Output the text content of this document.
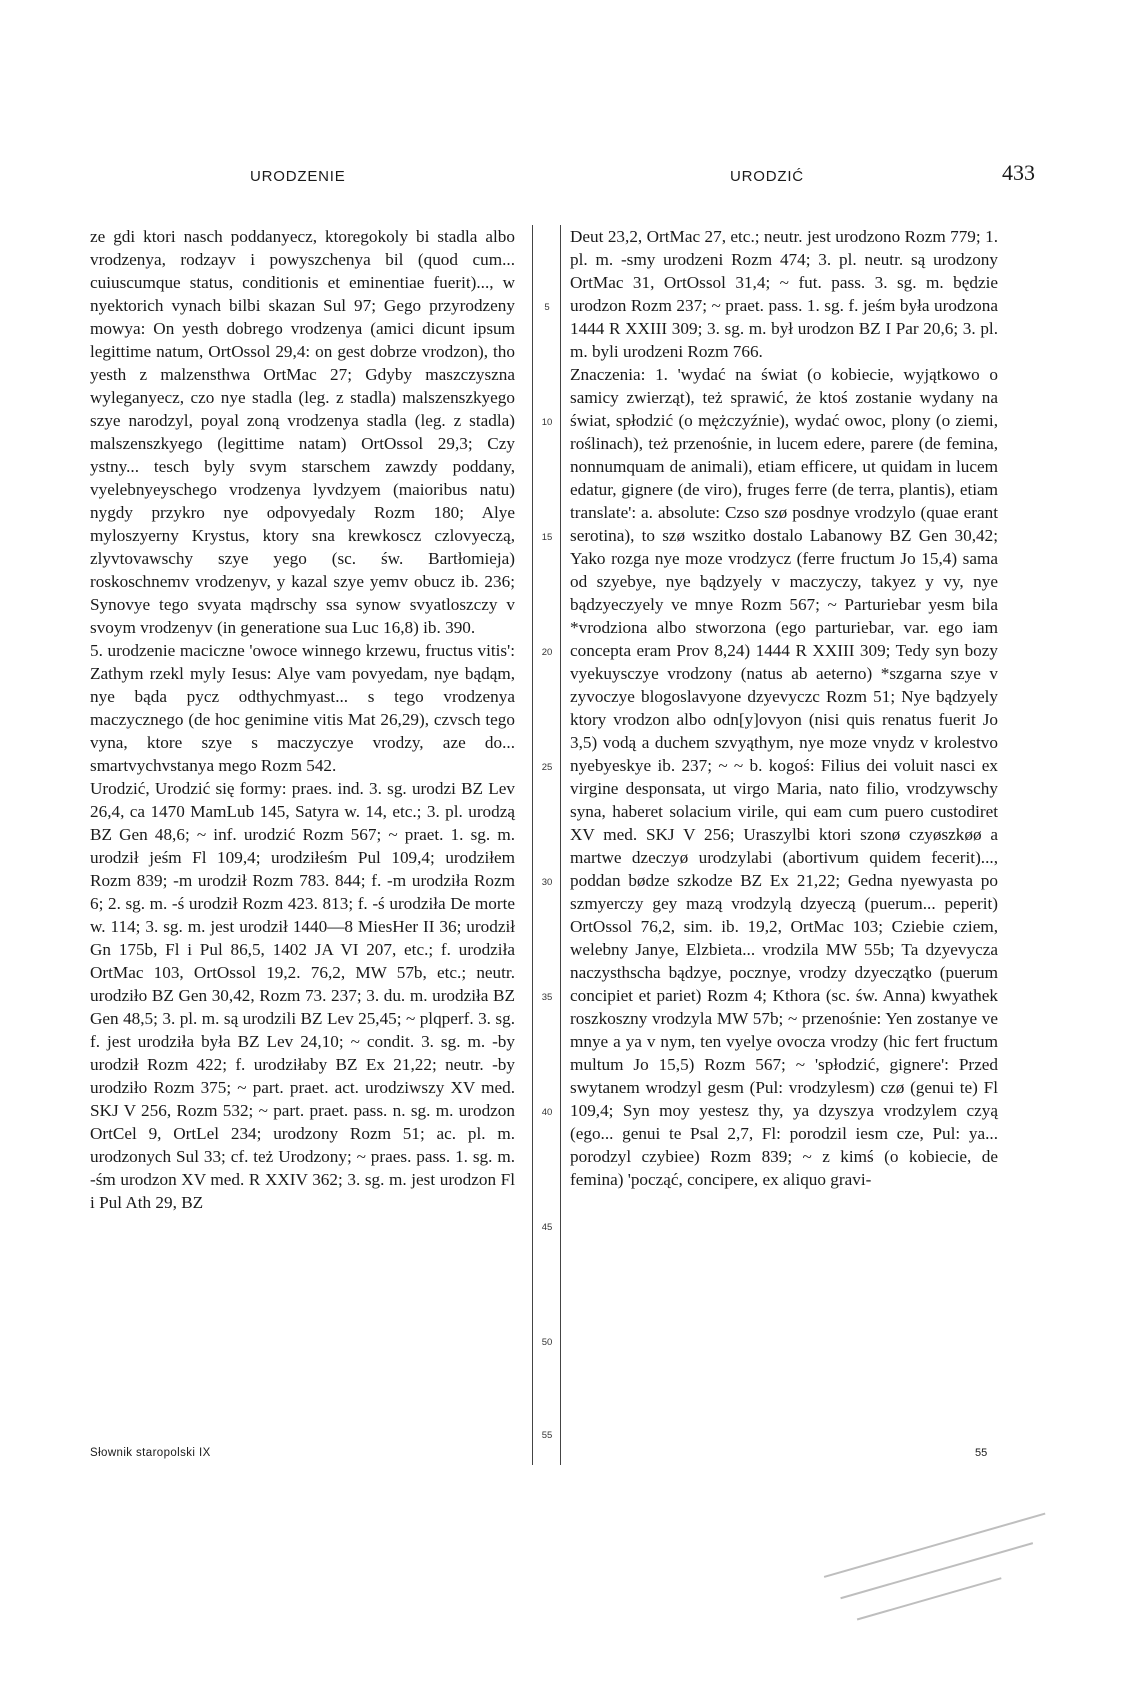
URODZENIE	URODZIĆ	433

ze gdi ktori nasch poddanyecz, ktoregokoly bi stadla albo vrodzenya, rodzayv i powyszchenya bil (quod cum... cuiuscumque status, conditionis et eminentiae fuerit)..., w nyektorich vynach bilbi skazan Sul 97; Gego przyrodzeny mowya: On yesth dobrego vrodzenya (amici dicunt ipsum legittime natum, OrtOssol 29,4: on gest dobrze vrodzon), tho yesth z malzensthwa OrtMac 27; Gdyby maszczyszna wyleganyecz, czo nye stadla (leg. z stadla) malszenszkyego szye narodzyl, poyal zoną vrodzenya stadla (leg. z stadla) malszenszkyego (legittime natam) OrtOssol 29,3; Czy ystny... tesch byly svym starschem zawzdy poddany, vyelebnyeyschego vrodzenya lyvdzyem (maioribus natu) nygdy przykro nye odpovyedaly Rozm 180; Alye myloszyerny Krystus, ktory sna krewkoscz czlovyeczą, zlyvtovawschy szye yego (sc. św. Bartłomieja) roskoschnemv vrodzenyv, y kazal szye yemv obucz ib. 236; Synovye tego svyata mądrschy ssa synow svyatloszczy v svoym vrodzenyv (in generatione sua Luc 16,8) ib. 390.

5. urodzenie maciczne 'owoce winnego krzewu, fructus vitis': Zathym rzekl myly Iesus: Alye vam povyedam, nye bądąm, nye bąda pycz odthychmyast... s tego vrodzenya maczycznego (de hoc genimine vitis Mat 26,29), czvsch tego vyna, ktore szye s maczyczye vrodzy, aze do... smartvychvstanya mego Rozm 542.

Urodzić, Urodzić się formy: praes. ind. 3. sg. urodzi BZ Lev 26,4, ca 1470 MamLub 145, Satyra w. 14, etc.; 3. pl. urodzą BZ Gen 48,6; ~ inf. urodzić Rozm 567; ~ praet. 1. sg. m. urodził jeśm Fl 109,4; urodziłeśm Pul 109,4; urodziłem Rozm 839; -m urodził Rozm 783. 844; f. -m urodziła Rozm 6; 2. sg. m. -ś urodził Rozm 423. 813; f. -ś urodziła De morte w. 114; 3. sg. m. jest urodził 1440—8 MiesHer II 36; urodził Gn 175b, Fl i Pul 86,5, 1402 JA VI 207, etc.; f. urodziła OrtMac 103, OrtOssol 19,2. 76,2, MW 57b, etc.; neutr. urodziło BZ Gen 30,42, Rozm 73. 237; 3. du. m. urodziła BZ Gen 48,5; 3. pl. m. są urodzili BZ Lev 25,45; ~ plqperf. 3. sg. f. jest urodziła była BZ Lev 24,10; ~ condit. 3. sg. m. -by urodził Rozm 422; f. urodziłaby BZ Ex 21,22; neutr. -by urodziło Rozm 375; ~ part. praet. act. urodziwszy XV med. SKJ V 256, Rozm 532; ~ part. praet. pass. n. sg. m. urodzon OrtCel 9, OrtLel 234; urodzony Rozm 51; ac. pl. m. urodzonych Sul 33; cf. też Urodzony; ~ praes. pass. 1. sg. m. -śm urodzon XV med. R XXIV 362; 3. sg. m. jest urodzon Fl i Pul Ath 29, BZ

5
10
15
20
25
30
35
40
45
50
55

Deut 23,2, OrtMac 27, etc.; neutr. jest urodzono Rozm 779; 1. pl. m. -smy urodzeni Rozm 474; 3. pl. neutr. są urodzony OrtMac 31, OrtOssol 31,4; ~ fut. pass. 3. sg. m. będzie urodzon Rozm 237; ~ praet. pass. 1. sg. f. jeśm była urodzona 1444 R XXIII 309; 3. sg. m. był urodzon BZ I Par 20,6; 3. pl. m. byli urodzeni Rozm 766.

Znaczenia: 1. 'wydać na świat (o kobiecie, wyjątkowo o samicy zwierząt), też sprawić, że ktoś zostanie wydany na świat, spłodzić (o mężczyźnie), wydać owoc, plony (o ziemi, roślinach), też przenośnie, in lucem edere, parere (de femina, nonnumquam de animali), etiam efficere, ut quidam in lucem edatur, gignere (de viro), fruges ferre (de terra, plantis), etiam translate': a. absolute: Czso szø posdnye vrodzylo (quae erant serotina), to szø wszitko dostalo Labanowy BZ Gen 30,42; Yako rozga nye moze vrodzycz (ferre fructum Jo 15,4) sama od szyebye, nye bądzyely v maczyczy, takyez y vy, nye bądzyeczyely ve mnye Rozm 567; ~ Parturiebar yesm bila *vrodziona albo stworzona (ego parturiebar, var. ego iam concepta eram Prov 8,24) 1444 R XXIII 309; Tedy syn bozy vyekuysczye vrodzony (natus ab aeterno) *szgarna szye v zyvoczye blogoslavyone dzyevyczc Rozm 51; Nye bądzyely ktory vrodzon albo odn[y]ovyon (nisi quis renatus fuerit Jo 3,5) vodą a duchem szvyąthym, nye moze vnydz v krolestvo nyebyeskye ib. 237; ~ ~ b. kogoś: Filius dei voluit nasci ex virgine desponsata, ut virgo Maria, nato filio, vrodzywschy syna, haberet solacium virile, qui eam cum puero custodiret XV med. SKJ V 256; Uraszylbi ktori szonø czyøszkøø a martwe dzeczyø urodzylabi (abortivum quidem fecerit)..., poddan bødze szkodze BZ Ex 21,22; Gedna nyewyasta po szmyerczy gey mazą vrodzylą dzyeczą (puerum... peperit) OrtOssol 76,2, sim. ib. 19,2, OrtMac 103; Cziebie cziem, welebny Janye, Elzbieta... vrodzila MW 55b; Ta dzyevycza naczysthscha bądzye, pocznye, vrodzy dzyeczątko (puerum concipiet et pariet) Rozm 4; Kthora (sc. św. Anna) kwyathek roszkoszny vrodzyla MW 57b; ~ przenośnie: Yen zostanye ve mnye a ya v nym, ten vyelye ovocza vrodzy (hic fert fructum multum Jo 15,5) Rozm 567; ~ 'spłodzić, gignere': Przed swytanem wrodzyl gesm (Pul: vrodzylesm) czø (genui te) Fl 109,4; Syn moy yestesz thy, ya dzyszya vrodzylem czyą (ego... genui te Psal 2,7, Fl: porodzil iesm cze, Pul: ya... porodzyl czybiee) Rozm 839; ~ z kimś (o kobiecie, de femina) 'począć, concipere, ex aliquo gravi-

Słownik staropolski IX	55
